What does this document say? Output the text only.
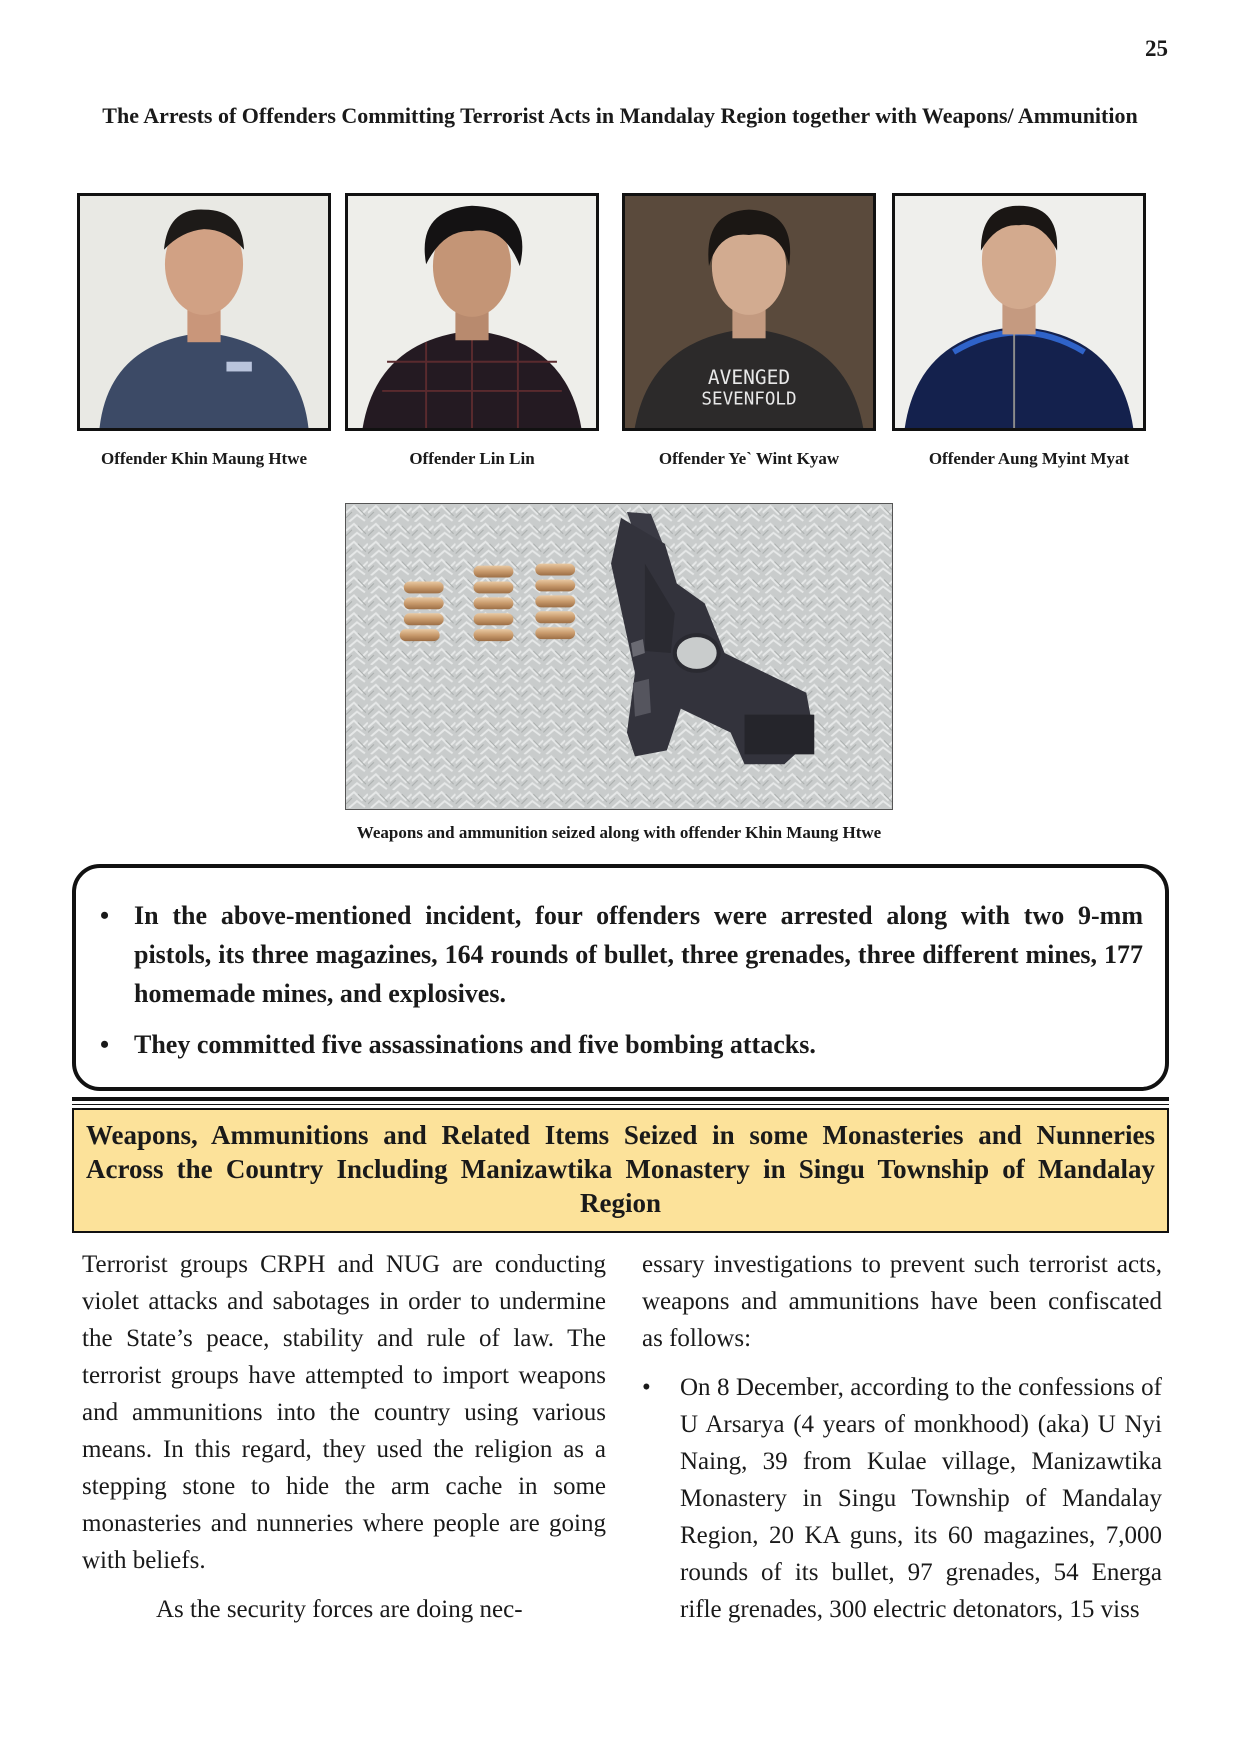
25
The Arrests of Offenders Committing Terrorist Acts in Mandalay Region together with Weapons/ Ammunition
AVENGED
SEVENFOLD
Offender Khin Maung Htwe	Offender Lin Lin	Offender Ye` Wint Kyaw	Offender Aung Myint Myat
Weapons and ammunition seized along with offender Khin Maung Htwe
• In the above-mentioned incident, four offenders were arrested along with two 9-mm pistols, its three magazines, 164 rounds of bullet, three grenades, three different mines, 177 homemade mines, and explosives.
• They committed five assassinations and five bombing attacks.
Weapons, Ammunitions and Related Items Seized in some Monasteries and Nunneries Across the Country Including Manizawtika Monastery in Singu Township of Mandalay Region

Terrorist groups CRPH and NUG are conducting violet attacks and sabotages in order to undermine the State’s peace, stability and rule of law. The terrorist groups have attempted to import weapons and ammunitions into the country using various means. In this regard, they used the religion as a stepping stone to hide the arm cache in some monasteries and nunneries where people are going with beliefs.

As the security forces are doing nec-

essary investigations to prevent such terrorist acts, weapons and ammunitions have been confiscated as follows:

• On 8 December, according to the confessions of U Arsarya (4 years of monkhood) (aka) U Nyi Naing, 39 from Kulae village, Manizawtika Monastery in Singu Township of Mandalay Region, 20 KA guns, its 60 magazines, 7,000 rounds of its bullet, 97 grenades, 54 Energa rifle grenades, 300 electric detonators, 15 viss
